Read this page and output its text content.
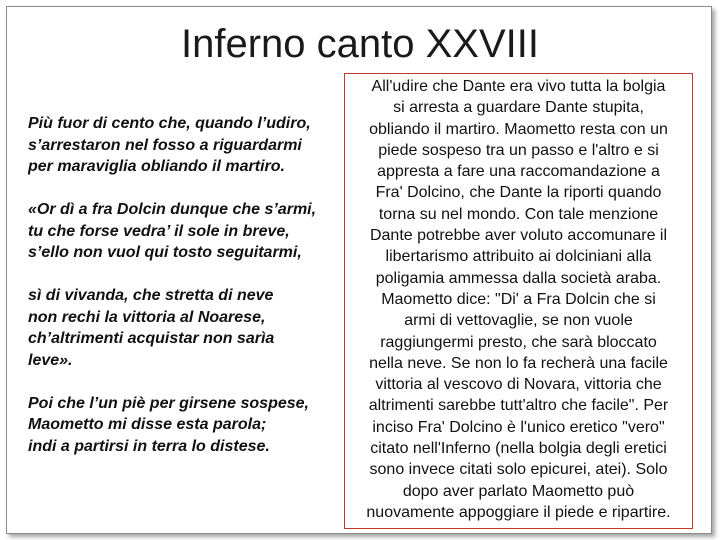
Inferno canto XXVIII
Più fuor di cento che, quando l’udiro,
s’arrestaron nel fosso a riguardarmi
per maraviglia obliando il martiro.
«Or dì a fra Dolcin dunque che s’armi,
tu che forse vedra’ il sole in breve,
s’ello non vuol qui tosto seguitarmi,
sì di vivanda, che stretta di neve
non rechi la vittoria al Noarese,
ch’altrimenti acquistar non sarìa
leve».
Poi che l’un piè per girsene sospese,
Maometto mi disse esta parola;
indi a partirsi in terra lo distese.
All'udire che Dante era vivo tutta la bolgia
si arresta a guardare Dante stupita,
obliando il martiro. Maometto resta con un
piede sospeso tra un passo e l'altro e si
appresta a fare una raccomandazione a
Fra' Dolcino, che Dante la riporti quando
torna su nel mondo. Con tale menzione
Dante potrebbe aver voluto accomunare il
libertarismo attribuito ai dolciniani alla
poligamia ammessa dalla società araba.
Maometto dice: "Di' a Fra Dolcin che si
armi di vettovaglie, se non vuole
raggiungermi presto, che sarà bloccato
nella neve. Se non lo fa recherà una facile
vittoria al vescovo di Novara, vittoria che
altrimenti sarebbe tutt'altro che facile". Per
inciso Fra' Dolcino è l'unico eretico "vero"
citato nell'Inferno (nella bolgia degli eretici
sono invece citati solo epicurei, atei). Solo
dopo aver parlato Maometto può
nuovamente appoggiare il piede e ripartire.
